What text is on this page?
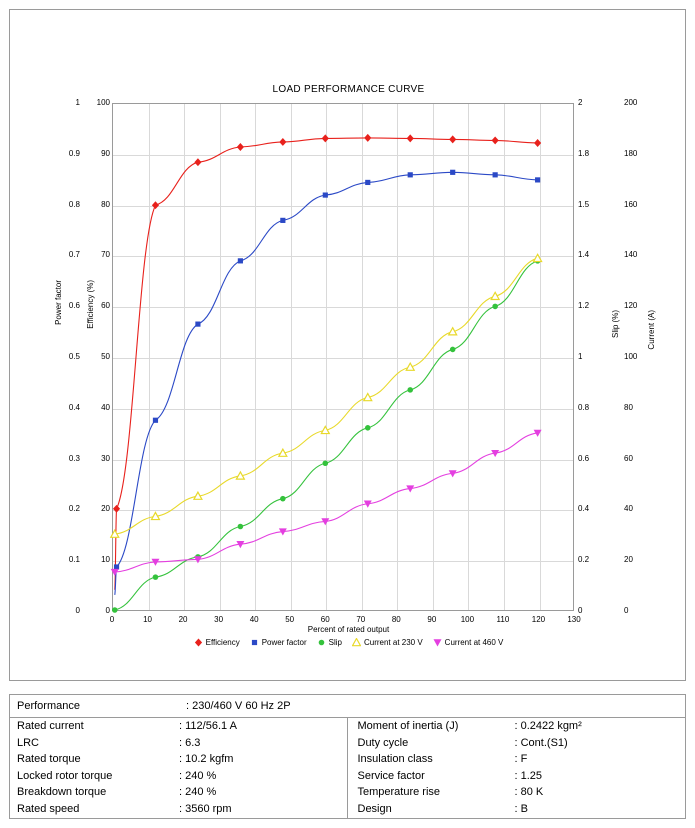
LOAD PERFORMANCE CURVE
Power factor	Efficiency (%)	Slip (%)	Current (A)
1	100	2	200
0.9	90	1.8	180
0.8	80	1.5	160
0.7	70	1.4	140
0.6	60	1.2	120
0.5	50	1	100
0.4	40	0.8	80
0.3	30	0.6	60
0.2	20	0.4	40
0.1	10	0.2	20
0	0	0	0
0	10	20	30	40	50	60	70	80	90	100	110	120	130
Percent of rated output
Efficiency	Power factor	Slip	Current at 230 V	Current at 460 V
Performance	: 230/460 V 60 Hz 2P
Rated current	: 112/56.1 A
LRC	: 6.3
Rated torque	: 10.2 kgfm
Locked rotor torque	: 240 %
Breakdown torque	: 240 %
Rated speed	: 3560 rpm
Moment of inertia (J)	: 0.2422 kgm²
Duty cycle	: Cont.(S1)
Insulation class	: F
Service factor	: 1.25
Temperature rise	: 80 K
Design	: B
